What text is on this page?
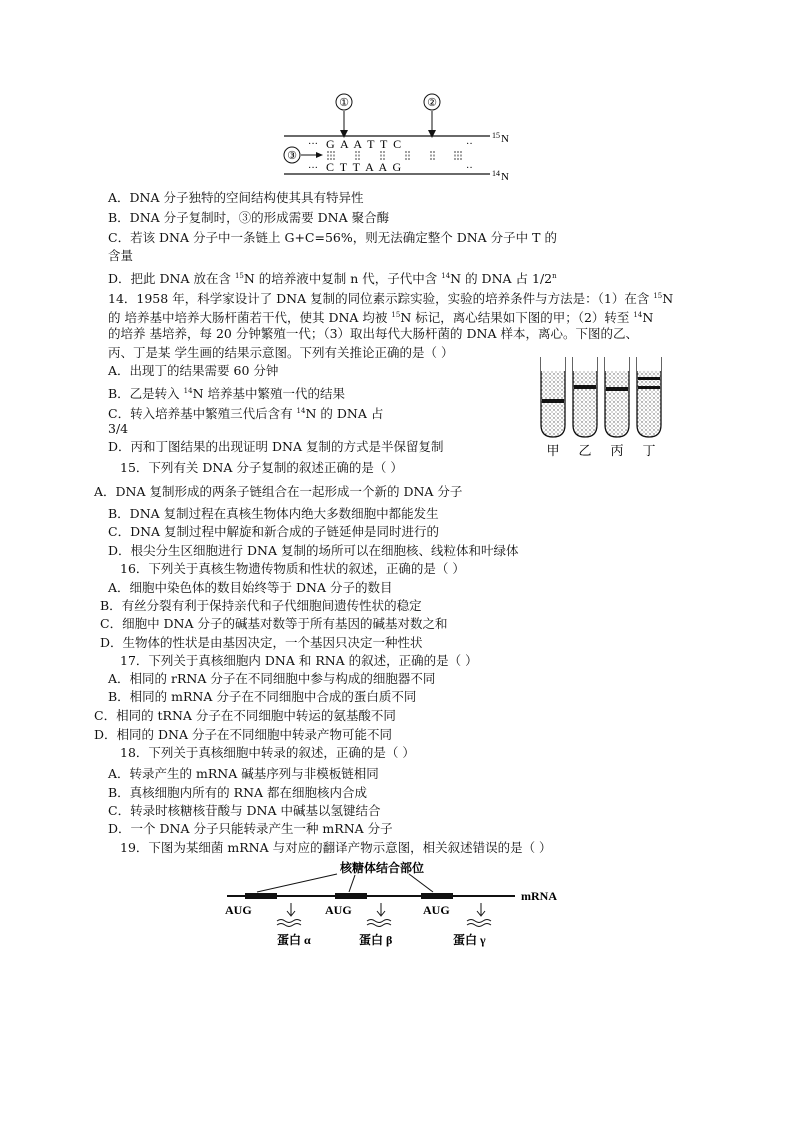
①	②
15 N
14 N
··· G  A  A  T  T  C	··
··· C  T  T  A  A  G	··
③
A．DNA 分子独特的空间结构使其具有特异性
B．DNA 分子复制时，③的形成需要 DNA 聚合酶
C．若该 DNA 分子中一条链上 G+C=56%，则无法确定整个 DNA 分子中 T 的
含量
D．把此 DNA 放在含 $^{15}$N 的培养液中复制 n 代，子代中含 $^{14}$N 的 DNA 占 1/2$^n$
14．1958 年，科学家设计了 DNA 复制的同位素示踪实验，实验的培养条件与方法是：（1）在含 $^{15}$N
的 培养基中培养大肠杆菌若干代，使其 DNA 均被 $^{15}$N 标记，离心结果如下图的甲；（2）转至 $^{14}$N
的培养 基培养，每 20 分钟繁殖一代；（3）取出每代大肠杆菌的 DNA 样本，离心。下图的乙、
丙、丁是某 学生画的结果示意图。下列有关推论正确的是（ ）
A．出现丁的结果需要 60 分钟
B．乙是转入 $^{14}$N 培养基中繁殖一代的结果
C．转入培养基中繁殖三代后含有 $^{14}$N 的 DNA 占
3/4
D．丙和丁图结果的出现证明 DNA 复制的方式是半保留复制	甲 乙 丙 丁
15．下列有关 DNA 分子复制的叙述正确的是（ ）
A．DNA 复制形成的两条子链组合在一起形成一个新的 DNA 分子
B．DNA 复制过程在真核生物体内绝大多数细胞中都能发生
C．DNA 复制过程中解旋和新合成的子链延伸是同时进行的
D．根尖分生区细胞进行 DNA 复制的场所可以在细胞核、线粒体和叶绿体
16．下列关于真核生物遗传物质和性状的叙述，正确的是（ ）
A．细胞中染色体的数目始终等于 DNA 分子的数目
B．有丝分裂有利于保持亲代和子代细胞间遗传性状的稳定
C．细胞中 DNA 分子的碱基对数等于所有基因的碱基对数之和
D．生物体的性状是由基因决定，一个基因只决定一种性状
17．下列关于真核细胞内 DNA 和 RNA 的叙述，正确的是（ ）
A．相同的 rRNA 分子在不同细胞中参与构成的细胞器不同
B．相同的 mRNA 分子在不同细胞中合成的蛋白质不同
C．相同的 tRNA 分子在不同细胞中转运的氨基酸不同
D．相同的 DNA 分子在不同细胞中转录产物可能不同
18．下列关于真核细胞中转录的叙述，正确的是（ ）
A．转录产生的 mRNA 碱基序列与非模板链相同
B．真核细胞内所有的 RNA 都在细胞核内合成
C．转录时核糖核苷酸与 DNA 中碱基以氢键结合
D．一个 DNA 分子只能转录产生一种 mRNA 分子
19．下图为某细菌 mRNA 与对应的翻译产物示意图，相关叙述错误的是（ ）
核糖体结合部位
mRNA
AUG	AUG	AUG
蛋白 α	蛋白 β	蛋白 γ
